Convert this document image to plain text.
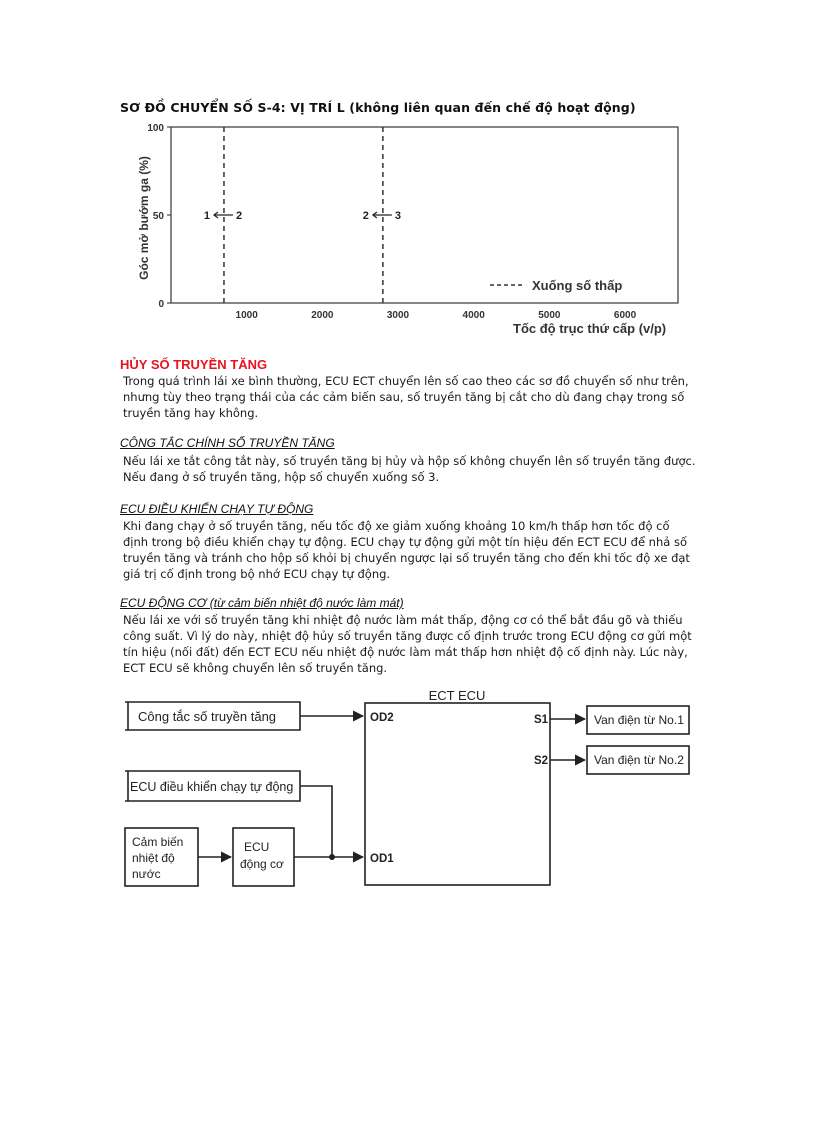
SƠ ĐỒ CHUYỂN SỐ S-4: VỊ TRÍ L (không liên quan đến chế độ hoạt động)
Góc mở bướm ga (%)
0
50
100
1000	2000	3000	4000	5000	6000
1 2	2 3
Xuống số thấp
Tốc độ trục thứ cấp (v/p)
HỦY SỐ TRUYỀN TĂNG
Trong quá trình lái xe bình thường, ECU ECT chuyển lên số cao theo các sơ đồ chuyển số như trên, nhưng tùy theo trạng thái của các cảm biến sau, số truyền tăng bị cắt cho dù đang chạy trong số truyền tăng hay không.
CÔNG TẮC CHÍNH SỐ TRUYỀN TĂNG
Nếu lái xe tắt công tắt này, số truyền tăng bị hủy và hộp số không chuyển lên số truyền tăng được. Nếu đang ở số truyền tăng, hộp số chuyển xuống số 3.
ECU ĐIỀU KHIỂN CHẠY TỰ ĐỘNG
Khi đang chạy ở số truyền tăng, nếu tốc độ xe giảm xuống khoảng 10 km/h thấp hơn tốc độ cố định trong bộ điều khiển chạy tự động. ECU chạy tự động gửi một tín hiệu đến ECT ECU để nhả số truyền tăng và tránh cho hộp số khỏi bị chuyển ngược lại số truyền tăng cho đến khi tốc độ xe đạt giá trị cố định trong bộ nhớ ECU chạy tự động.
ECU ĐỘNG CƠ (từ cảm biến nhiệt độ nước làm mát)
Nếu lái xe với số truyền tăng khi nhiệt độ nước làm mát thấp, động cơ có thể bắt đầu gõ và thiếu công suất. Vì lý do này, nhiệt độ hủy số truyền tăng được cố định trước trong ECU động cơ gửi một tín hiệu (nối đất) đến ECT ECU nếu nhiệt độ nước làm mát thấp hơn nhiệt độ cố định này. Lúc này, ECT ECU sẽ không chuyển lên số truyền tăng.
ECT ECU
OD2
OD1
S1
S2
Công tắc số truyền tăng
ECU điều khiển chạy tự động
Cảm biến
nhiệt độ
nước
ECU
động cơ
Van điện từ No.1
Van điện từ No.2
